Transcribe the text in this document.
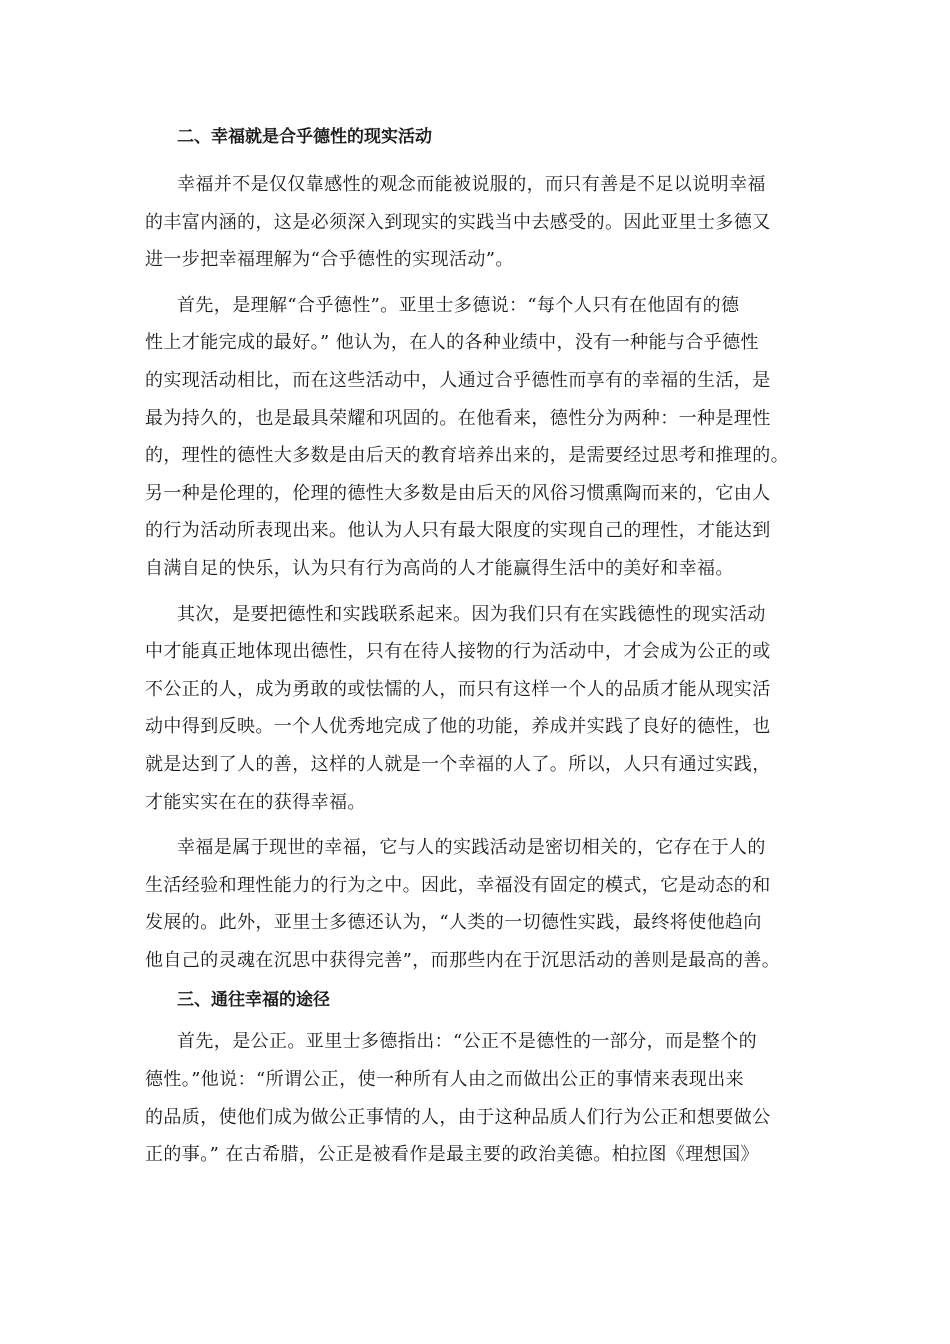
二、幸福就是合乎德性的现实活动

幸福并不是仅仅靠感性的观念而能被说服的，而只有善是不足以说明幸福
的丰富内涵的，这是必须深入到现实的实践当中去感受的。因此亚里士多德又
进一步把幸福理解为“合乎德性的实现活动”。

首先，是理解“合乎德性”。亚里士多德说：“每个人只有在他固有的德
性上才能完成的最好。” 他认为，在人的各种业绩中，没有一种能与合乎德性
的实现活动相比，而在这些活动中，人通过合乎德性而享有的幸福的生活，是
最为持久的，也是最具荣耀和巩固的。在他看来，德性分为两种：一种是理性
的，理性的德性大多数是由后天的教育培养出来的，是需要经过思考和推理的。
另一种是伦理的，伦理的德性大多数是由后天的风俗习惯熏陶而来的，它由人
的行为活动所表现出来。他认为人只有最大限度的实现自己的理性，才能达到
自满自足的快乐，认为只有行为高尚的人才能赢得生活中的美好和幸福。

其次，是要把德性和实践联系起来。因为我们只有在实践德性的现实活动
中才能真正地体现出德性，只有在待人接物的行为活动中，才会成为公正的或
不公正的人，成为勇敢的或怯懦的人，而只有这样一个人的品质才能从现实活
动中得到反映。一个人优秀地完成了他的功能，养成并实践了良好的德性，也
就是达到了人的善，这样的人就是一个幸福的人了。所以，人只有通过实践，
才能实实在在的获得幸福。

幸福是属于现世的幸福，它与人的实践活动是密切相关的，它存在于人的
生活经验和理性能力的行为之中。因此，幸福没有固定的模式，它是动态的和
发展的。此外，亚里士多德还认为，“人类的一切德性实践，最终将使他趋向
他自己的灵魂在沉思中获得完善”，而那些内在于沉思活动的善则是最高的善。

三、通往幸福的途径

首先，是公正。亚里士多德指出：“公正不是德性的一部分，而是整个的
德性。”他说：“所谓公正，使一种所有人由之而做出公正的事情来表现出来
的品质，使他们成为做公正事情的人，由于这种品质人们行为公正和想要做公
正的事。” 在古希腊，公正是被看作是最主要的政治美德。柏拉图《理想国》
